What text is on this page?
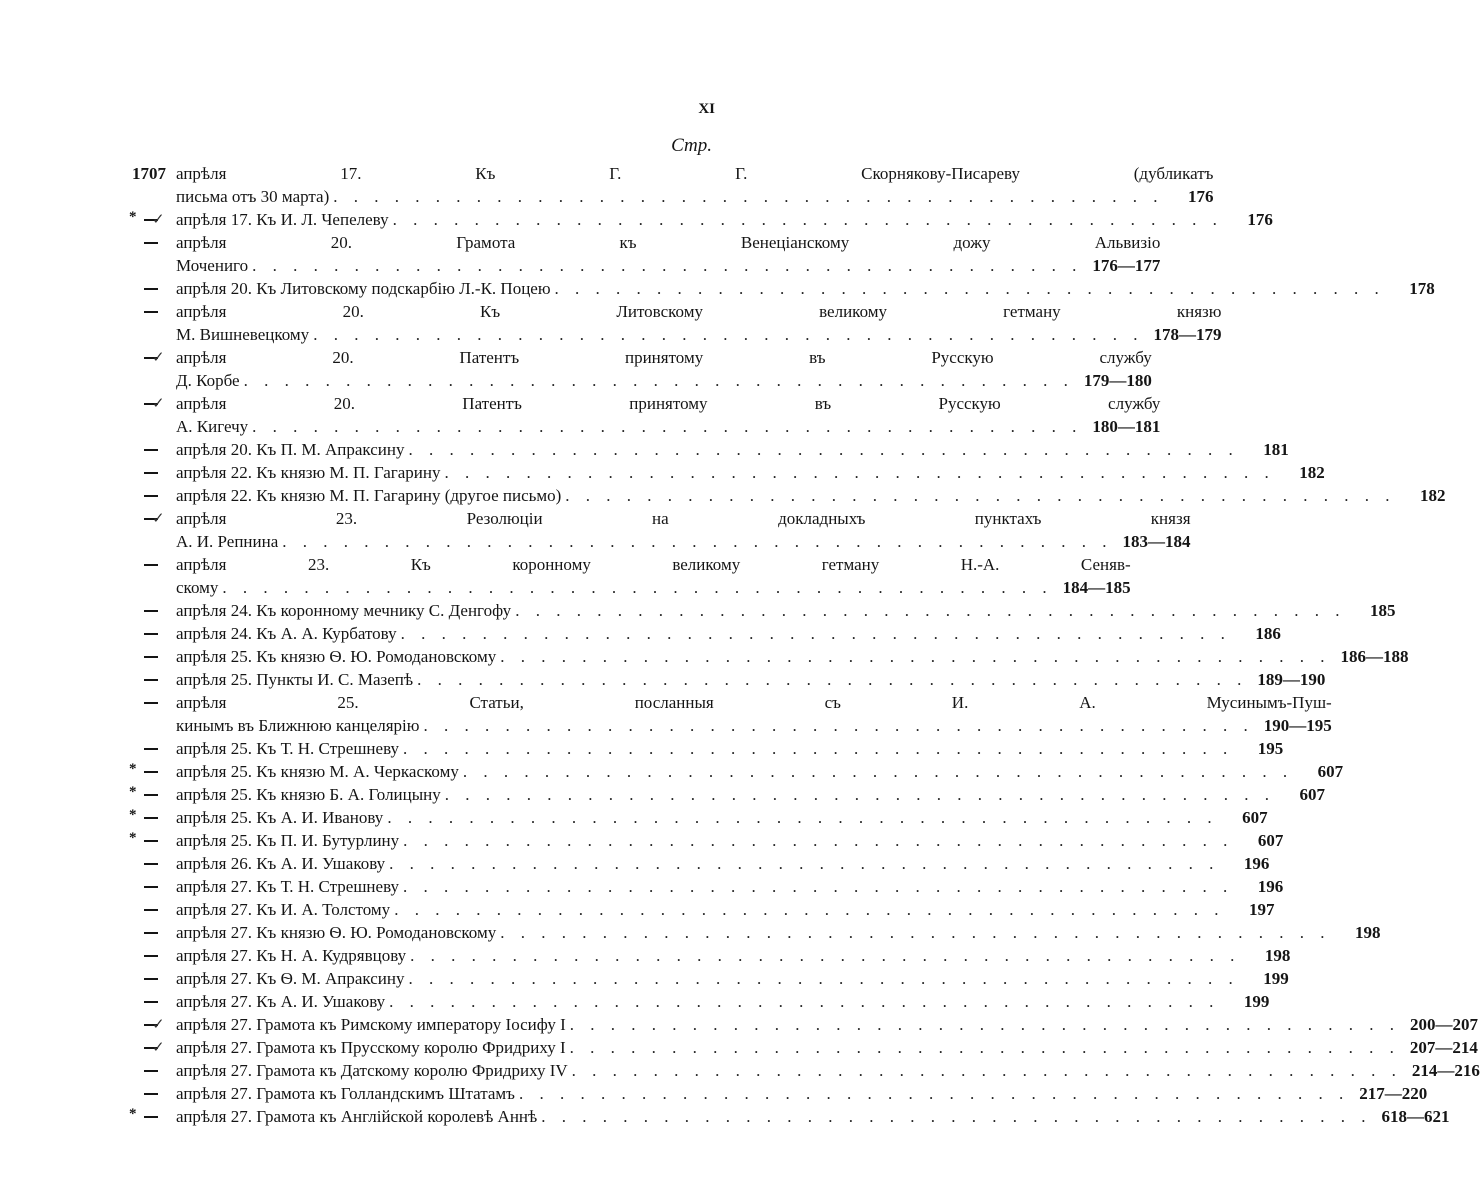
XI
Стр.
1707 апрѣля 17. Къ Г. Г. Скорнякову-Писареву (дубликатъ
письма отъ 30 марта) . . . . . . . . . . . . . . . . . . . . . . . . . . . . . . . . . . . . . . . . .	176
* ✓ апрѣля 17. Къ И. Л. Чепелеву . . . . . . . . . . . . . . . . . . . . . . . . . . . . . . . . . . . . . . . . .	176
апрѣля 20. Грамота къ Венеціанскому дожу Альвизіо
Мочениго . . . . . . . . . . . . . . . . . . . . . . . . . . . . . . . . . . . . . . . . . 176—177
апрѣля 20. Къ Литовскому подскарбію Л.-К. Поцею . . . . . . . . . . . . . . . . . . . . . . . . . . . . . . . . . . . . . . . . .	178
апрѣля 20. Къ Литовскому великому гетману князю
М. Вишневецкому . . . . . . . . . . . . . . . . . . . . . . . . . . . . . . . . . . . . . . . . . 178—179
✓ апрѣля 20. Патентъ принятому въ Русскую службу
Д. Корбе . . . . . . . . . . . . . . . . . . . . . . . . . . . . . . . . . . . . . . . . . 179—180
✓ апрѣля 20. Патентъ принятому въ Русскую службу
А. Кигечу . . . . . . . . . . . . . . . . . . . . . . . . . . . . . . . . . . . . . . . . . 180—181
апрѣля 20. Къ П. М. Апраксину . . . . . . . . . . . . . . . . . . . . . . . . . . . . . . . . . . . . . . . . .	181
апрѣля 22. Къ князю М. П. Гагарину . . . . . . . . . . . . . . . . . . . . . . . . . . . . . . . . . . . . . . . . .	182
апрѣля 22. Къ князю М. П. Гагарину (другое письмо) . . . . . . . . . . . . . . . . . . . . . . . . . . . . . . . . . . . . . . . . .	182
✓ апрѣля 23. Резолюціи на докладныхъ пунктахъ князя
А. И. Репнина . . . . . . . . . . . . . . . . . . . . . . . . . . . . . . . . . . . . . . . . . 183—184
апрѣля 23. Къ коронному великому гетману Н.-А. Сеняв-
скому . . . . . . . . . . . . . . . . . . . . . . . . . . . . . . . . . . . . . . . . . 184—185
апрѣля 24. Къ коронному мечнику С. Денгофу . . . . . . . . . . . . . . . . . . . . . . . . . . . . . . . . . . . . . . . . .	185
апрѣля 24. Къ А. А. Курбатову . . . . . . . . . . . . . . . . . . . . . . . . . . . . . . . . . . . . . . . . .	186
апрѣля 25. Къ князю Ѳ. Ю. Ромодановскому . . . . . . . . . . . . . . . . . . . . . . . . . . . . . . . . . . . . . . . . . 186—188
апрѣля 25. Пункты И. С. Мазепѣ . . . . . . . . . . . . . . . . . . . . . . . . . . . . . . . . . . . . . . . . . 189—190
апрѣля 25. Статьи, посланныя съ И. А. Мусинымъ-Пуш-
кинымъ въ Ближнюю канцелярію . . . . . . . . . . . . . . . . . . . . . . . . . . . . . . . . . . . . . . . . . 190—195
апрѣля 25. Къ Т. Н. Стрешневу . . . . . . . . . . . . . . . . . . . . . . . . . . . . . . . . . . . . . . . . .	195
* апрѣля 25. Къ князю М. А. Черкаскому . . . . . . . . . . . . . . . . . . . . . . . . . . . . . . . . . . . . . . . . .	607
* апрѣля 25. Къ князю Б. А. Голицыну . . . . . . . . . . . . . . . . . . . . . . . . . . . . . . . . . . . . . . . . .	607
* апрѣля 25. Къ А. И. Иванову . . . . . . . . . . . . . . . . . . . . . . . . . . . . . . . . . . . . . . . . .	607
* апрѣля 25. Къ П. И. Бутурлину . . . . . . . . . . . . . . . . . . . . . . . . . . . . . . . . . . . . . . . . .	607
апрѣля 26. Къ А. И. Ушакову . . . . . . . . . . . . . . . . . . . . . . . . . . . . . . . . . . . . . . . . .	196
апрѣля 27. Къ Т. Н. Стрешневу . . . . . . . . . . . . . . . . . . . . . . . . . . . . . . . . . . . . . . . . .	196
апрѣля 27. Къ И. А. Толстому . . . . . . . . . . . . . . . . . . . . . . . . . . . . . . . . . . . . . . . . .	197
апрѣля 27. Къ князю Ѳ. Ю. Ромодановскому . . . . . . . . . . . . . . . . . . . . . . . . . . . . . . . . . . . . . . . . .	198
апрѣля 27. Къ Н. А. Кудрявцову . . . . . . . . . . . . . . . . . . . . . . . . . . . . . . . . . . . . . . . . .	198
апрѣля 27. Къ Ѳ. М. Апраксину . . . . . . . . . . . . . . . . . . . . . . . . . . . . . . . . . . . . . . . . .	199
апрѣля 27. Къ А. И. Ушакову . . . . . . . . . . . . . . . . . . . . . . . . . . . . . . . . . . . . . . . . .	199
✓ апрѣля 27. Грамота къ Римскому императору Іосифу I . . . . . . . . . . . . . . . . . . . . . . . . . . . . . . . . . . . . . . . . . 200—207
✓ апрѣля 27. Грамота къ Прусскому королю Фридриху I . . . . . . . . . . . . . . . . . . . . . . . . . . . . . . . . . . . . . . . . . 207—214
апрѣля 27. Грамота къ Датскому королю Фридриху IV . . . . . . . . . . . . . . . . . . . . . . . . . . . . . . . . . . . . . . . . . 214—216
апрѣля 27. Грамота къ Голландскимъ Штатамъ . . . . . . . . . . . . . . . . . . . . . . . . . . . . . . . . . . . . . . . . . 217—220
* апрѣля 27. Грамота къ Англійской королевѣ Аннѣ . . . . . . . . . . . . . . . . . . . . . . . . . . . . . . . . . . . . . . . . . 618—621
